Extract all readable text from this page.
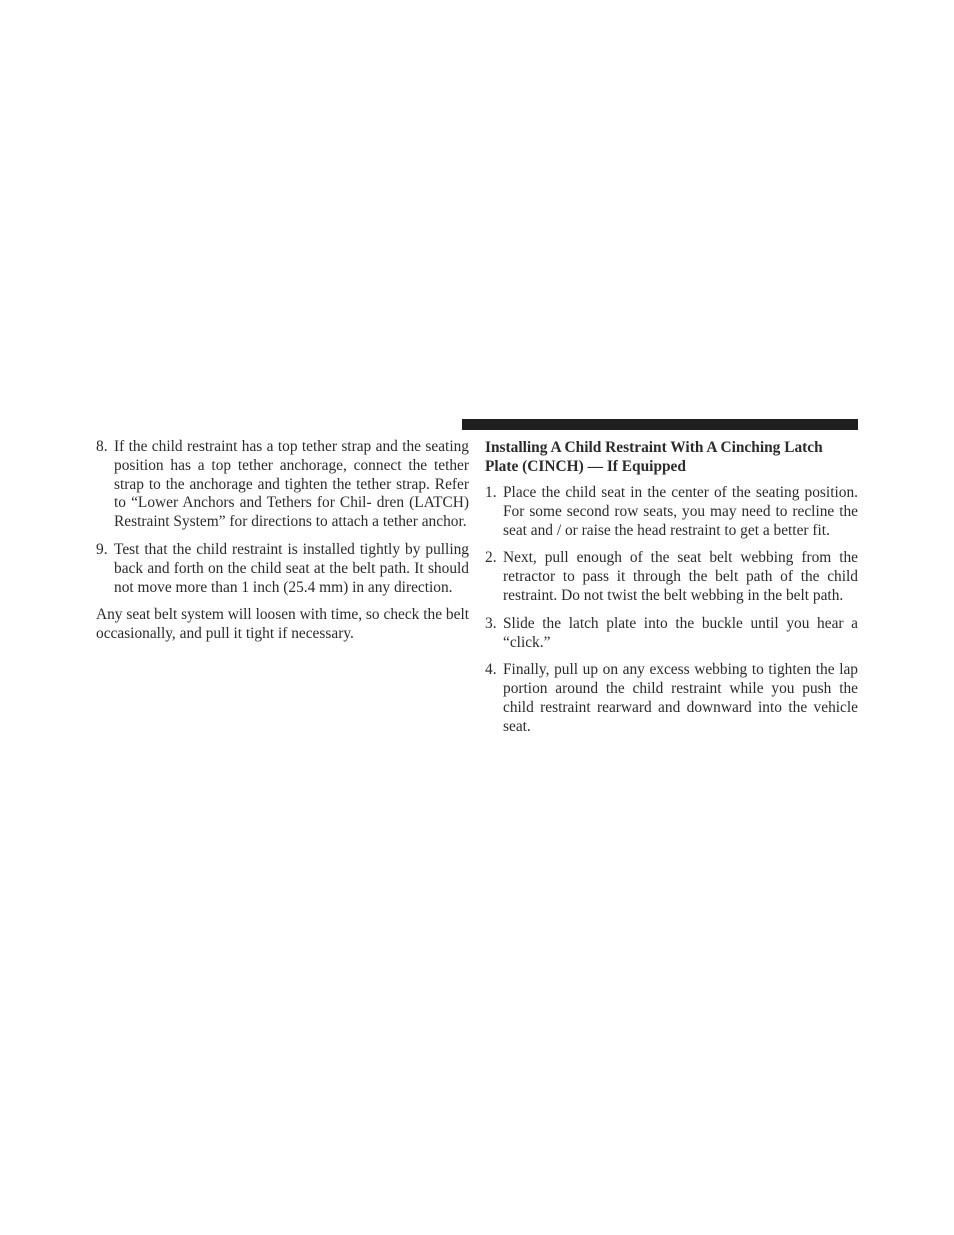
8. If the child restraint has a top tether strap and the seating position has a top tether anchorage, connect the tether strap to the anchorage and tighten the tether strap. Refer to “Lower Anchors and Tethers for Chil- dren (LATCH) Restraint System” for directions to attach a tether anchor.
9. Test that the child restraint is installed tightly by pulling back and forth on the child seat at the belt path. It should not move more than 1 inch (25.4 mm) in any direction.

Any seat belt system will loosen with time, so check the belt occasionally, and pull it tight if necessary.

Installing A Child Restraint With A Cinching Latch Plate (CINCH) — If Equipped
1. Place the child seat in the center of the seating position. For some second row seats, you may need to recline the seat and / or raise the head restraint to get a better fit.
2. Next, pull enough of the seat belt webbing from the retractor to pass it through the belt path of the child restraint. Do not twist the belt webbing in the belt path.
3. Slide the latch plate into the buckle until you hear a “click.”
4. Finally, pull up on any excess webbing to tighten the lap portion around the child restraint while you push the child restraint rearward and downward into the vehicle seat.
